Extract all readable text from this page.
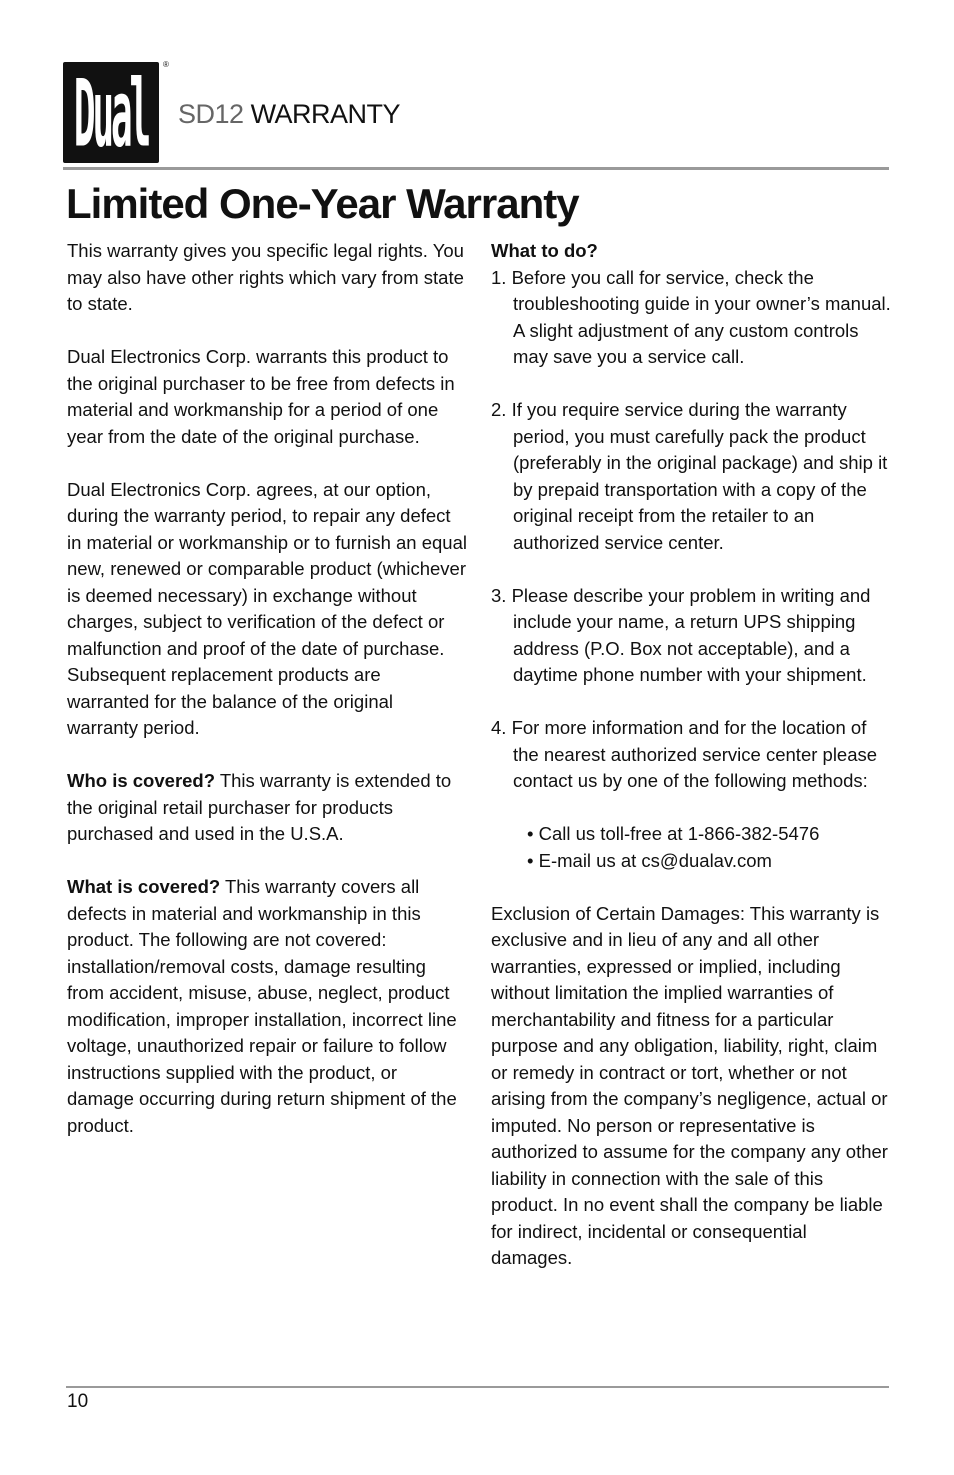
Dual ®
SD12 WARRANTY
Limited One-Year Warranty

This warranty gives you specific legal rights. You may also have other rights which vary from state to state.

Dual Electronics Corp. warrants this product to the original purchaser to be free from defects in material and workmanship for a period of one year from the date of the original purchase.

Dual Electronics Corp. agrees, at our option, during the warranty period, to repair any defect in material or workmanship or to furnish an equal new, renewed or comparable product (whichever is deemed necessary) in exchange without charges, subject to verification of the defect or malfunction and proof of the date of purchase. Subsequent replacement products are warranted for the balance of the original warranty period.

Who is covered? This warranty is extended to the original retail purchaser for products purchased and used in the U.S.A.

What is covered? This warranty covers all defects in material and workmanship in this product. The following are not covered: installation/removal costs, damage resulting from accident, misuse, abuse, neglect, product modification, improper installation, incorrect line voltage, unauthorized repair or failure to follow instructions supplied with the product, or damage occurring during return shipment of the product.

What to do?
1. Before you call for service, check the troubleshooting guide in your owner’s manual. A slight adjustment of any custom controls may save you a service call.
2. If you require service during the warranty period, you must carefully pack the product (preferably in the original package) and ship it by prepaid transportation with a copy of the original receipt from the retailer to an authorized service center.
3. Please describe your problem in writing and include your name, a return UPS shipping address (P.O. Box not acceptable), and a daytime phone number with your shipment.
4. For more information and for the location of the nearest authorized service center please contact us by one of the following methods:
• Call us toll-free at 1-866-382-5476
• E-mail us at cs@dualav.com

Exclusion of Certain Damages: This warranty is exclusive and in lieu of any and all other warranties, expressed or implied, including without limitation the implied warranties of merchantability and fitness for a particular purpose and any obligation, liability, right, claim or remedy in contract or tort, whether or not arising from the company’s negligence, actual or imputed. No person or representative is authorized to assume for the company any other liability in connection with the sale of this product. In no event shall the company be liable for indirect, incidental or consequential damages.

10
